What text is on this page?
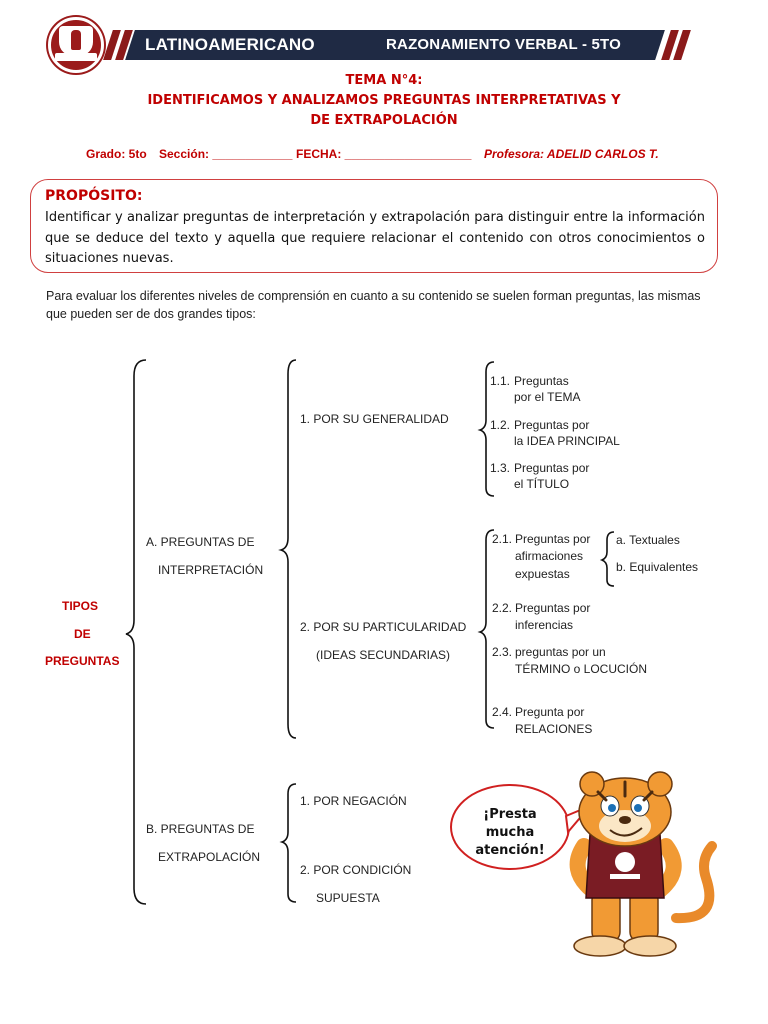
LATINOAMERICANO	RAZONAMIENTO VERBAL - 5TO
TEMA N°4:
IDENTIFICAMOS Y ANALIZAMOS PREGUNTAS INTERPRETATIVAS Y
DE EXTRAPOLACIÓN
Grado: 5to Sección: ____________ FECHA: ___________________ Profesora: ADELID CARLOS T.
PROPÓSITO:
Identificar y analizar preguntas de interpretación y extrapolación para distinguir entre la información que se deduce del texto y aquella que requiere relacionar el contenido con otros conocimientos o situaciones nuevas.
Para evaluar los diferentes niveles de comprensión en cuanto a su contenido se suelen forman preguntas, las mismas que pueden ser de dos grandes tipos:
TIPOS
DE
PREGUNTAS
A. PREGUNTAS DE
INTERPRETACIÓN
B. PREGUNTAS DE
EXTRAPOLACIÓN
1. POR SU GENERALIDAD
2. POR SU PARTICULARIDAD
(IDEAS SECUNDARIAS)
1. POR NEGACIÓN
2. POR CONDICIÓN
SUPUESTA
1.1. Preguntas
por el TEMA
1.2. Preguntas por
la IDEA PRINCIPAL
1.3. Preguntas por
el TÍTULO
2.1. Preguntas por
afirmaciones
expuestas
a. Textuales
b. Equivalentes
2.2. Preguntas por
inferencias
2.3. preguntas por un
TÉRMINO o LOCUCIÓN
2.4. Pregunta por
RELACIONES
¡Presta
mucha
atención!
